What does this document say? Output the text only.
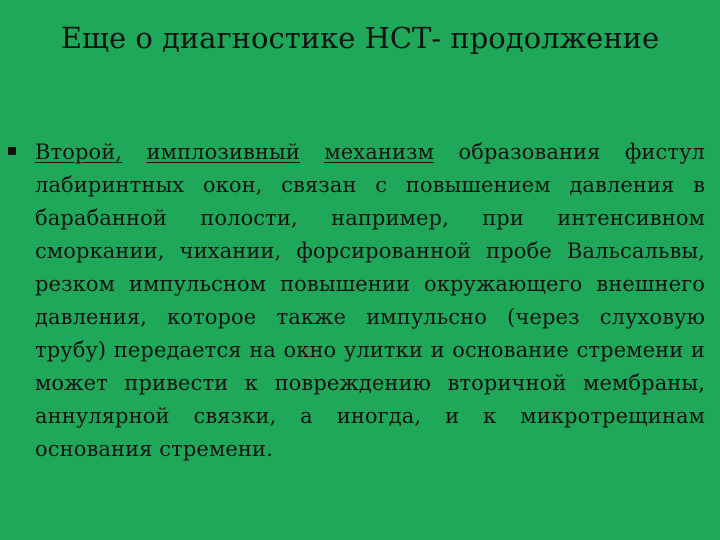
Еще о диагностике НСТ- продолжение
Второй, имплозивный механизм образования фистул лабиринтных окон, связан с повышением давления в барабанной полости, например, при интенсивном сморкании, чихании, форсированной пробе Вальсальвы, резком импульсном повышении окружающего внешнего давления, которое также импульсно (через слуховую трубу) передается на окно улитки и основание стремени и может привести к повреждению вторичной мембраны, аннулярной связки, а иногда, и к микротрещинам основания стремени.
